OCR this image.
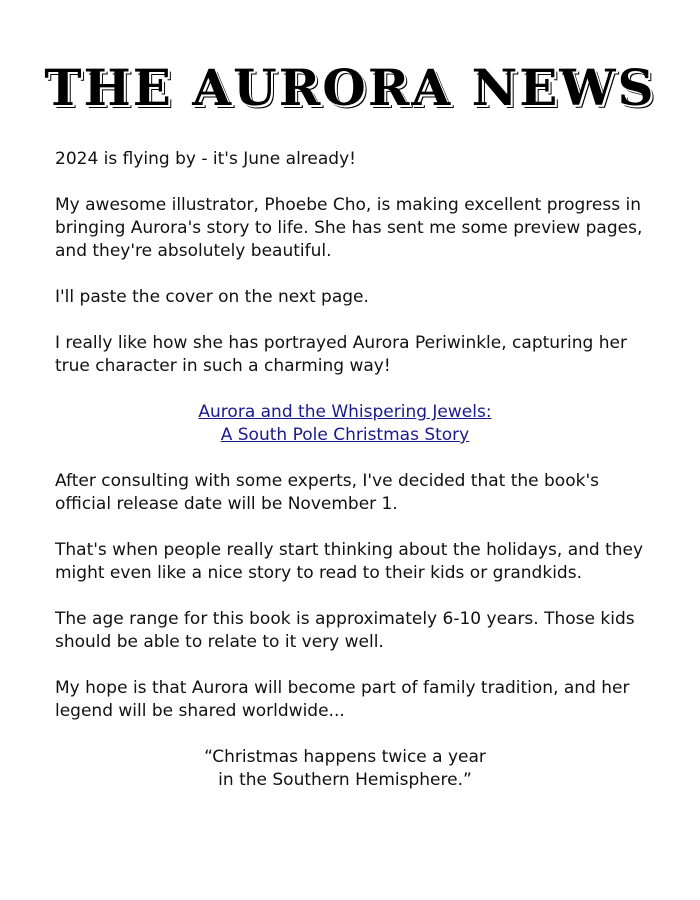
THE AURORA NEWS

2024 is flying by - it's June already!

My awesome illustrator, Phoebe Cho, is making excellent progress in bringing Aurora's story to life. She has sent me some preview pages, and they're absolutely beautiful.

I'll paste the cover on the next page.

I really like how she has portrayed Aurora Periwinkle, capturing her true character in such a charming way!

Aurora and the Whispering Jewels:
A South Pole Christmas Story

After consulting with some experts, I've decided that the book's official release date will be November 1.

That's when people really start thinking about the holidays, and they might even like a nice story to read to their kids or grandkids.

The age range for this book is approximately 6-10 years. Those kids should be able to relate to it very well.

My hope is that Aurora will become part of family tradition, and her legend will be shared worldwide...

“Christmas happens twice a year
in the Southern Hemisphere.”
